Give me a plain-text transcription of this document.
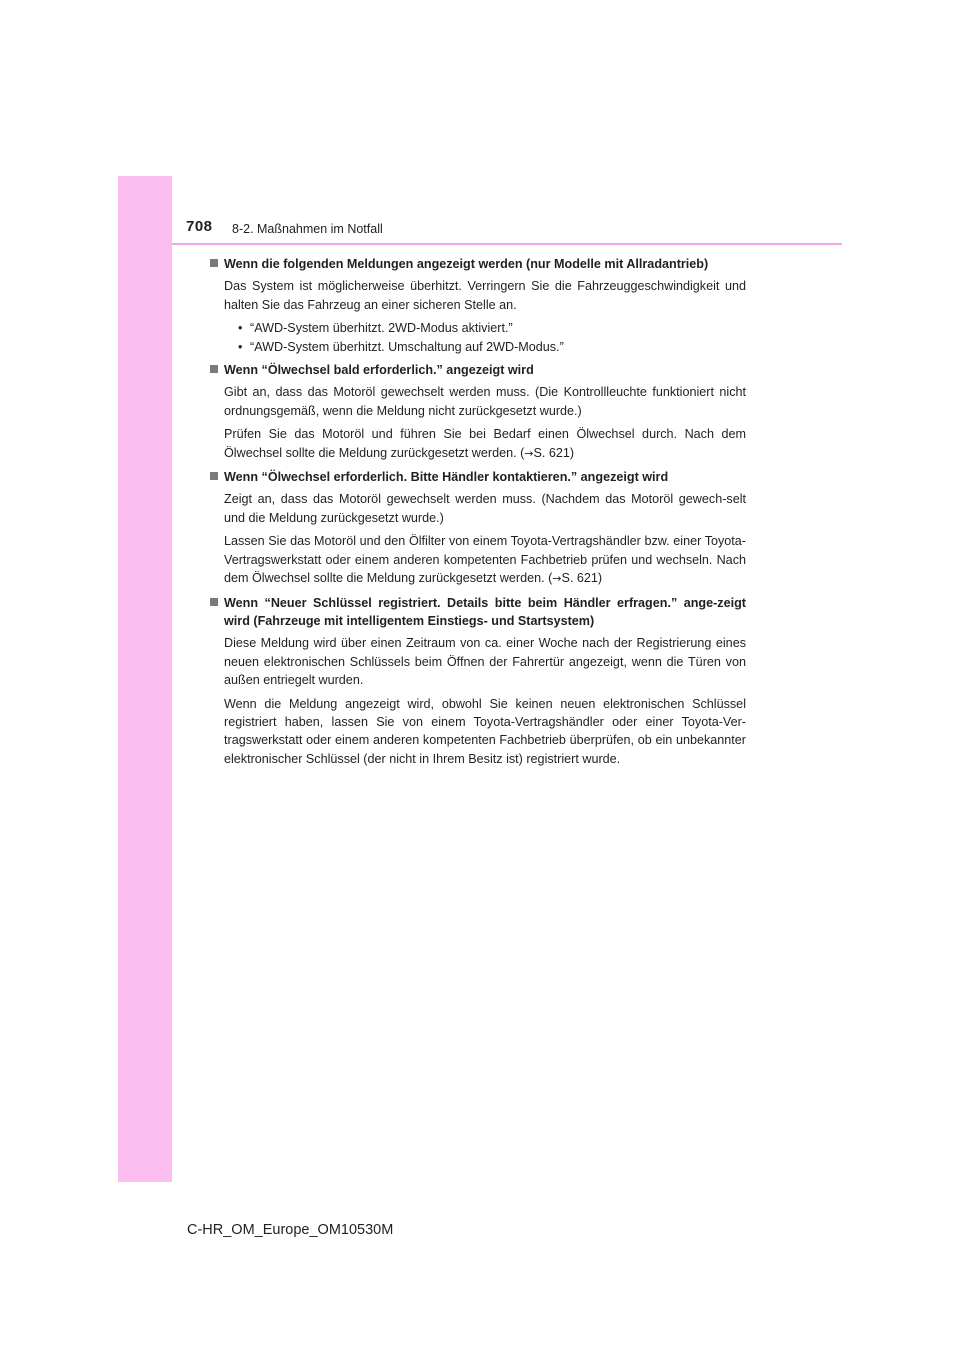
708 8-2. Maßnahmen im Notfall
Wenn die folgenden Meldungen angezeigt werden (nur Modelle mit Allradantrieb)

Das System ist möglicherweise überhitzt. Verringern Sie die Fahrzeuggeschwindigkeit und halten Sie das Fahrzeug an einer sicheren Stelle an.

• “AWD-System überhitzt. 2WD-Modus aktiviert.”
• “AWD-System überhitzt. Umschaltung auf 2WD-Modus.”
Wenn “Ölwechsel bald erforderlich.” angezeigt wird

Gibt an, dass das Motoröl gewechselt werden muss. (Die Kontrollleuchte funktioniert nicht ordnungsgemäß, wenn die Meldung nicht zurückgesetzt wurde.)

Prüfen Sie das Motoröl und führen Sie bei Bedarf einen Ölwechsel durch. Nach dem Ölwechsel sollte die Meldung zurückgesetzt werden. (→S. 621)

Wenn “Ölwechsel erforderlich. Bitte Händler kontaktieren.” angezeigt wird

Zeigt an, dass das Motoröl gewechselt werden muss. (Nachdem das Motoröl gewech-selt und die Meldung zurückgesetzt wurde.)

Lassen Sie das Motoröl und den Ölfilter von einem Toyota-Vertragshändler bzw. einer Toyota-Vertragswerkstatt oder einem anderen kompetenten Fachbetrieb prüfen und wechseln. Nach dem Ölwechsel sollte die Meldung zurückgesetzt werden. (→S. 621)

Wenn “Neuer Schlüssel registriert. Details bitte beim Händler erfragen.” ange-zeigt wird (Fahrzeuge mit intelligentem Einstiegs- und Startsystem)

Diese Meldung wird über einen Zeitraum von ca. einer Woche nach der Registrierung eines neuen elektronischen Schlüssels beim Öffnen der Fahrertür angezeigt, wenn die Türen von außen entriegelt wurden.

Wenn die Meldung angezeigt wird, obwohl Sie keinen neuen elektronischen Schlüssel registriert haben, lassen Sie von einem Toyota-Vertragshändler oder einer Toyota-Ver-tragswerkstatt oder einem anderen kompetenten Fachbetrieb überprüfen, ob ein unbekannter elektronischer Schlüssel (der nicht in Ihrem Besitz ist) registriert wurde.

C-HR_OM_Europe_OM10530M
